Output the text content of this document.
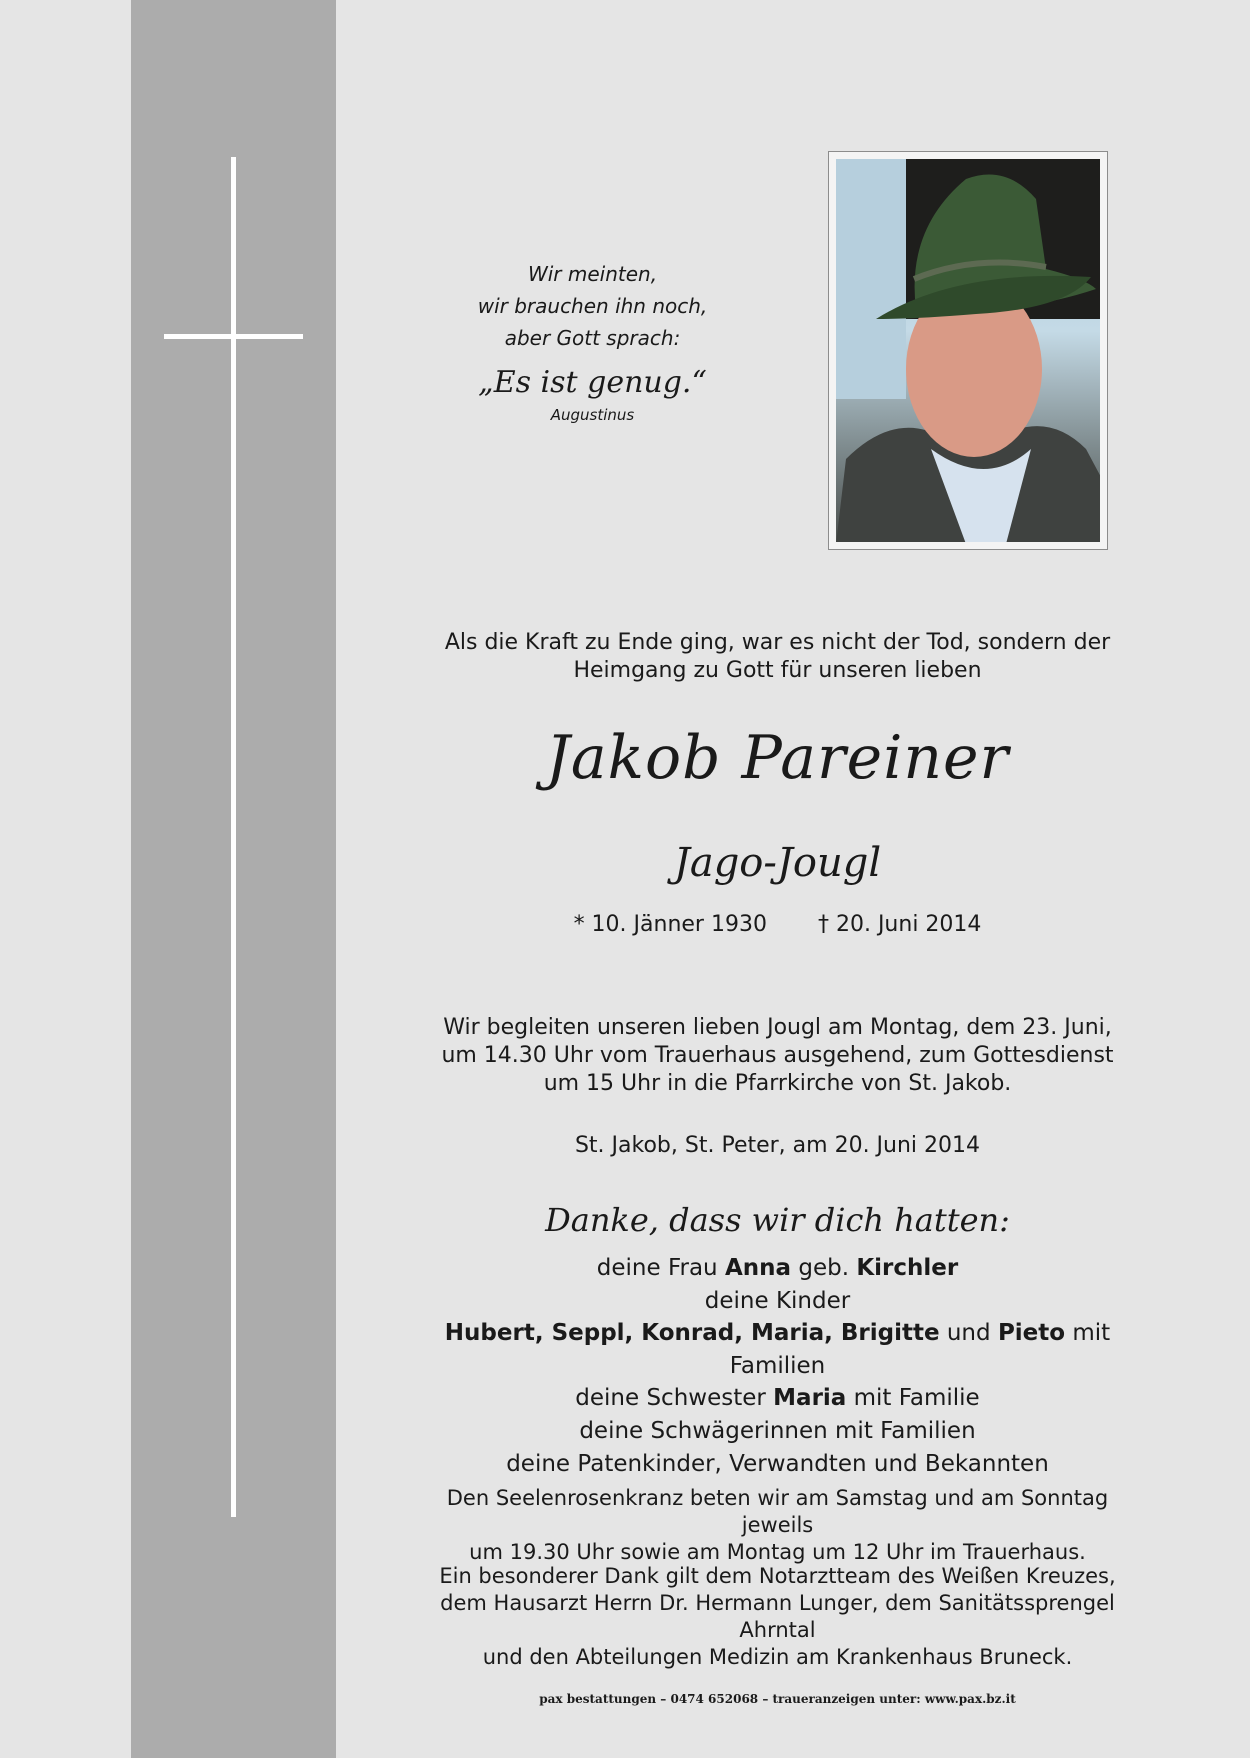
Wir meinten,
wir brauchen ihn noch,
aber Gott sprach:
„Es ist genug.“
Augustinus
Als die Kraft zu Ende ging, war es nicht der Tod, sondern der
Heimgang zu Gott für unseren lieben
Jakob Pareiner
Jago-Jougl
* 10. Jänner 1930 † 20. Juni 2014
Wir begleiten unseren lieben Jougl am Montag, dem 23. Juni,
um 14.30 Uhr vom Trauerhaus ausgehend, zum Gottesdienst
um 15 Uhr in die Pfarrkirche von St. Jakob.
St. Jakob, St. Peter, am 20. Juni 2014
Danke, dass wir dich hatten:
deine Frau Anna geb. Kirchler
deine Kinder
Hubert, Seppl, Konrad, Maria, Brigitte und Pieto mit Familien
deine Schwester Maria mit Familie
deine Schwägerinnen mit Familien
deine Patenkinder, Verwandten und Bekannten
Den Seelenrosenkranz beten wir am Samstag und am Sonntag jeweils
um 19.30 Uhr sowie am Montag um 12 Uhr im Trauerhaus.
Ein besonderer Dank gilt dem Notarztteam des Weißen Kreuzes,
dem Hausarzt Herrn Dr. Hermann Lunger, dem Sanitätssprengel Ahrntal
und den Abteilungen Medizin am Krankenhaus Bruneck.
pax bestattungen – 0474 652068 – traueranzeigen unter: www.pax.bz.it
